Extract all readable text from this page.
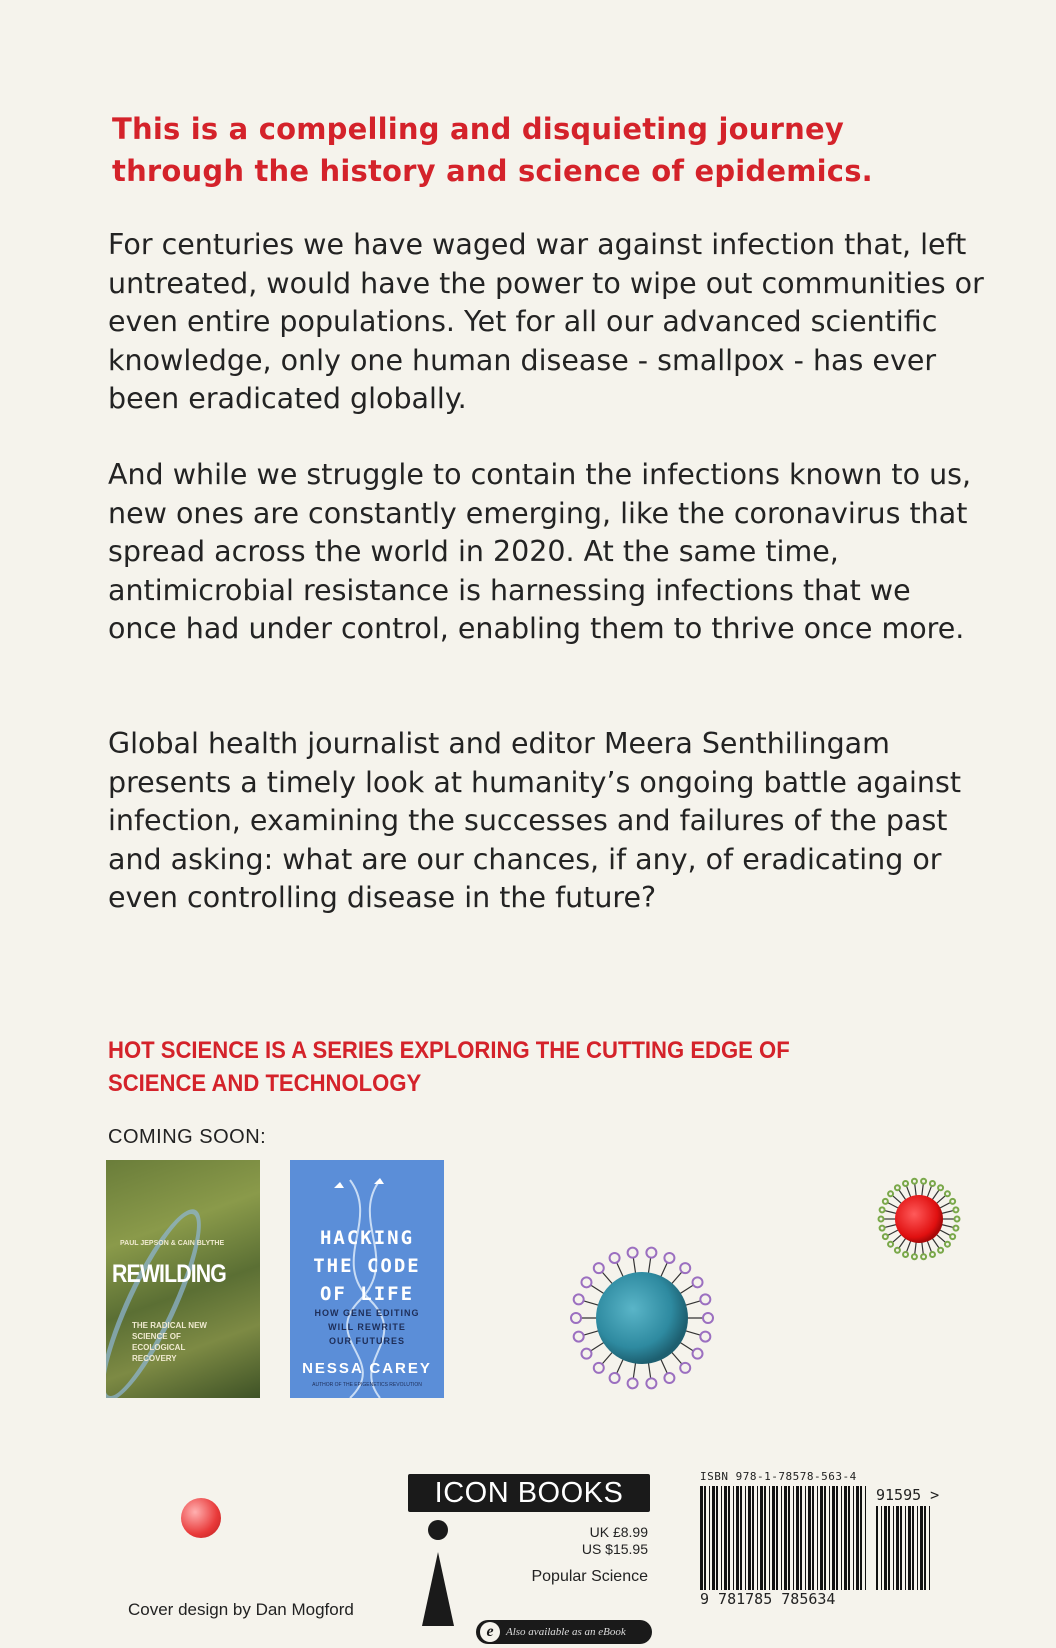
This is a compelling and disquieting journey through the history and science of epidemics.
For centuries we have waged war against infection that, left untreated, would have the power to wipe out communities or even entire populations. Yet for all our advanced scientific knowledge, only one human disease - smallpox - has ever been eradicated globally.
And while we struggle to contain the infections known to us, new ones are constantly emerging, like the coronavirus that spread across the world in 2020. At the same time, antimicrobial resistance is harnessing infections that we once had under control, enabling them to thrive once more.
Global health journalist and editor Meera Senthilingam presents a timely look at humanity’s ongoing battle against infection, examining the successes and failures of the past and asking: what are our chances, if any, of eradicating or even controlling disease in the future?
HOT SCIENCE IS A SERIES EXPLORING THE CUTTING EDGE OF SCIENCE AND TECHNOLOGY
COMING SOON:
PAUL JEPSON & CAIN BLYTHE
REWILDING
THE RADICAL NEW SCIENCE OF ECOLOGICAL RECOVERY
HACKING
THE CODE
OF LIFE
HOW GENE EDITING
WILL REWRITE
OUR FUTURES
NESSA CAREY
AUTHOR OF THE EPIGENETICS REVOLUTION
Cover design by Dan Mogford
ICON BOOKS
UK £8.99
US $15.95
Popular Science
e Also available as an eBook
ISBN 978-1-78578-563-4
9 781785 785634
91595 >
